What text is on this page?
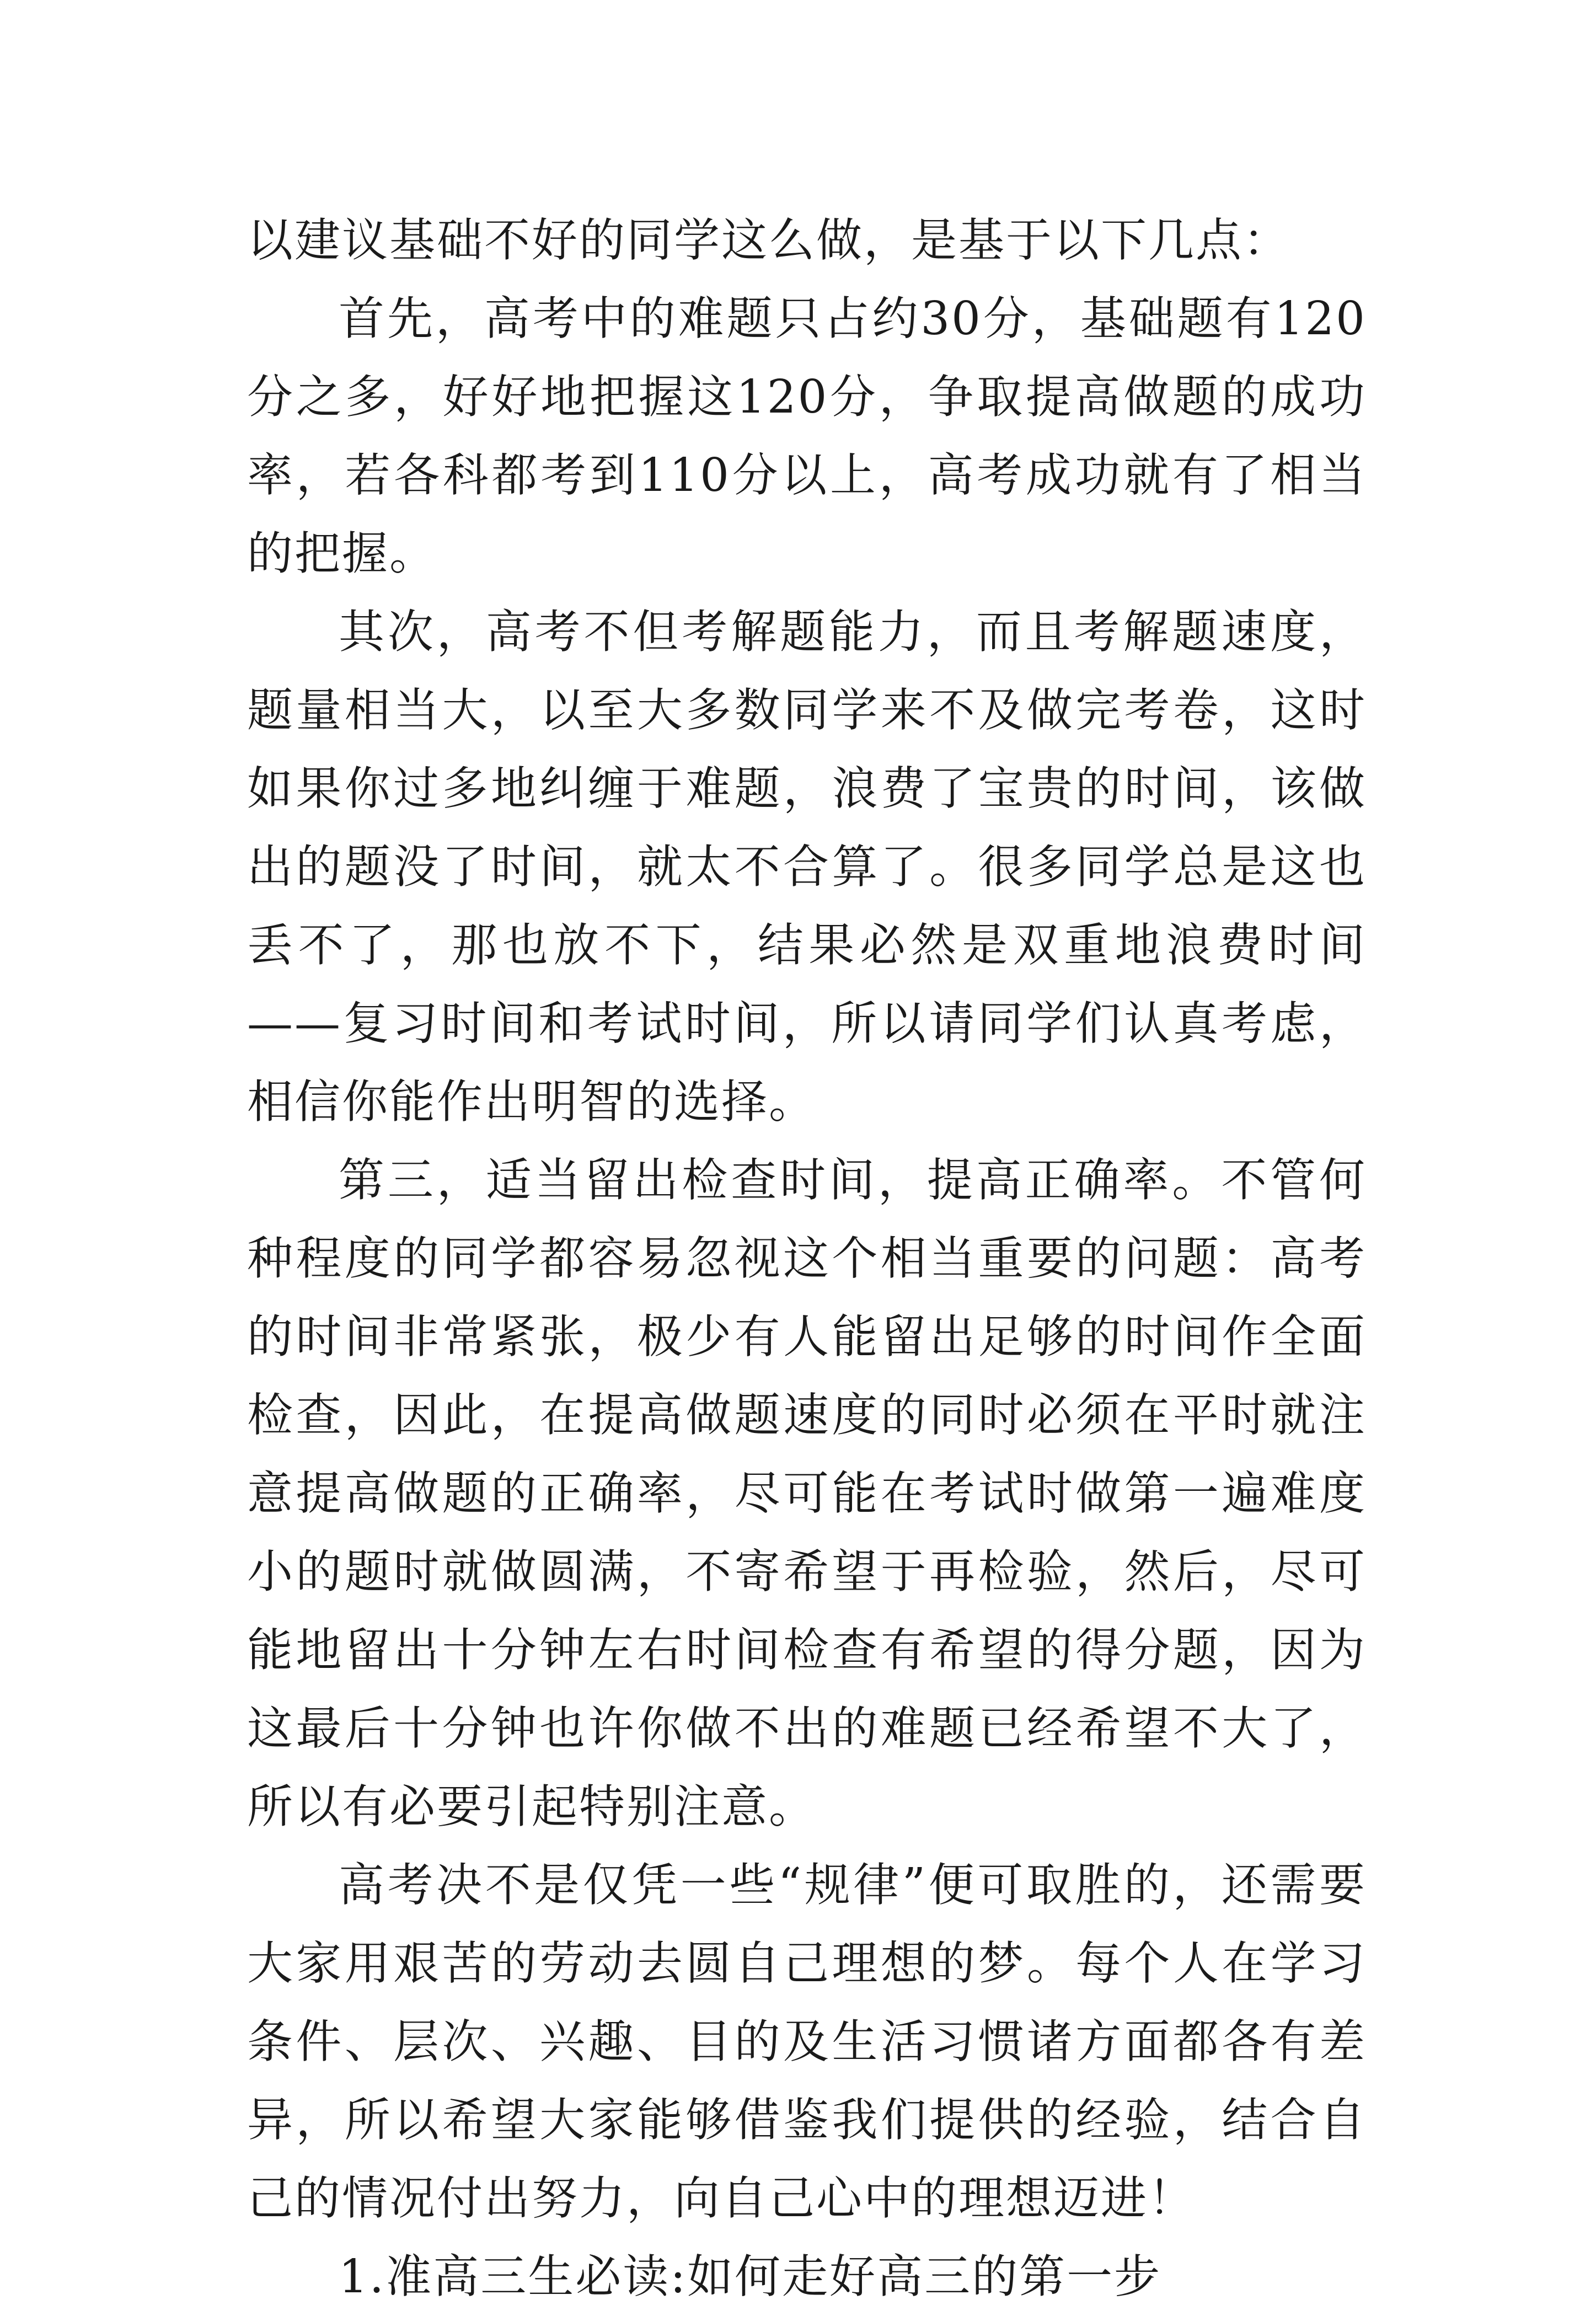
以建议基础不好的同学这么做，是基于以下几点：

首先，高考中的难题只占约30分，基础题有120分之多，好好地把握这120分，争取提高做题的成功率，若各科都考到110分以上，高考成功就有了相当的把握。

其次，高考不但考解题能力，而且考解题速度，题量相当大，以至大多数同学来不及做完考卷，这时如果你过多地纠缠于难题，浪费了宝贵的时间，该做出的题没了时间，就太不合算了。很多同学总是这也丢不了，那也放不下，结果必然是双重地浪费时间——复习时间和考试时间，所以请同学们认真考虑，相信你能作出明智的选择。

第三，适当留出检查时间，提高正确率。不管何种程度的同学都容易忽视这个相当重要的问题：高考的时间非常紧张，极少有人能留出足够的时间作全面检查，因此，在提高做题速度的同时必须在平时就注意提高做题的正确率，尽可能在考试时做第一遍难度小的题时就做圆满，不寄希望于再检验，然后，尽可能地留出十分钟左右时间检查有希望的得分题，因为这最后十分钟也许你做不出的难题已经希望不大了，所以有必要引起特别注意。

高考决不是仅凭一些“规律”便可取胜的，还需要大家用艰苦的劳动去圆自己理想的梦。每个人在学习条件、层次、兴趣、目的及生活习惯诸方面都各有差异，所以希望大家能够借鉴我们提供的经验，结合自己的情况付出努力，向自己心中的理想迈进！

1.准高三生必读:如何走好高三的第一步
